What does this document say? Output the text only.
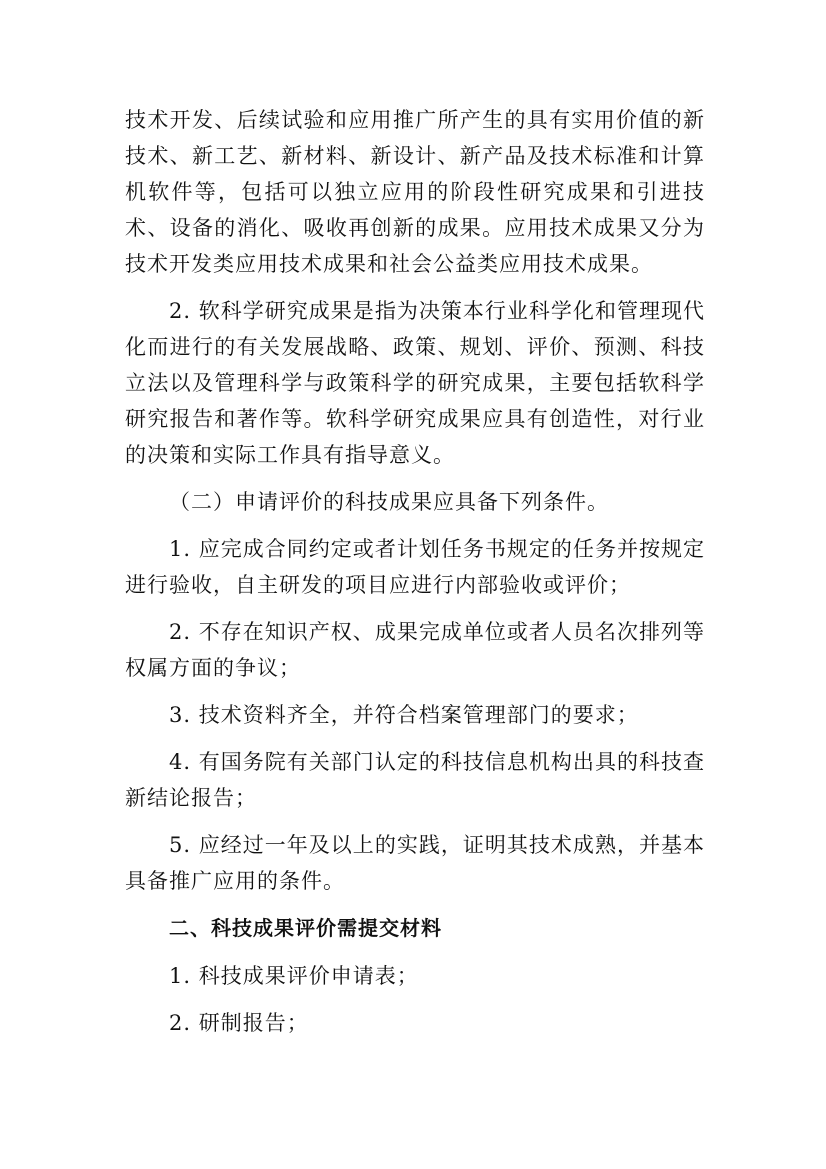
技术开发、后续试验和应用推广所产生的具有实用价值的新技术、新工艺、新材料、新设计、新产品及技术标准和计算机软件等，包括可以独立应用的阶段性研究成果和引进技术、设备的消化、吸收再创新的成果。应用技术成果又分为技术开发类应用技术成果和社会公益类应用技术成果。

2. 软科学研究成果是指为决策本行业科学化和管理现代化而进行的有关发展战略、政策、规划、评价、预测、科技立法以及管理科学与政策科学的研究成果，主要包括软科学研究报告和著作等。软科学研究成果应具有创造性，对行业的决策和实际工作具有指导意义。

（二）申请评价的科技成果应具备下列条件。

1. 应完成合同约定或者计划任务书规定的任务并按规定进行验收，自主研发的项目应进行内部验收或评价；

2. 不存在知识产权、成果完成单位或者人员名次排列等权属方面的争议；

3. 技术资料齐全，并符合档案管理部门的要求；

4. 有国务院有关部门认定的科技信息机构出具的科技查新结论报告；

5. 应经过一年及以上的实践，证明其技术成熟，并基本具备推广应用的条件。

二、科技成果评价需提交材料

1. 科技成果评价申请表；

2. 研制报告；
